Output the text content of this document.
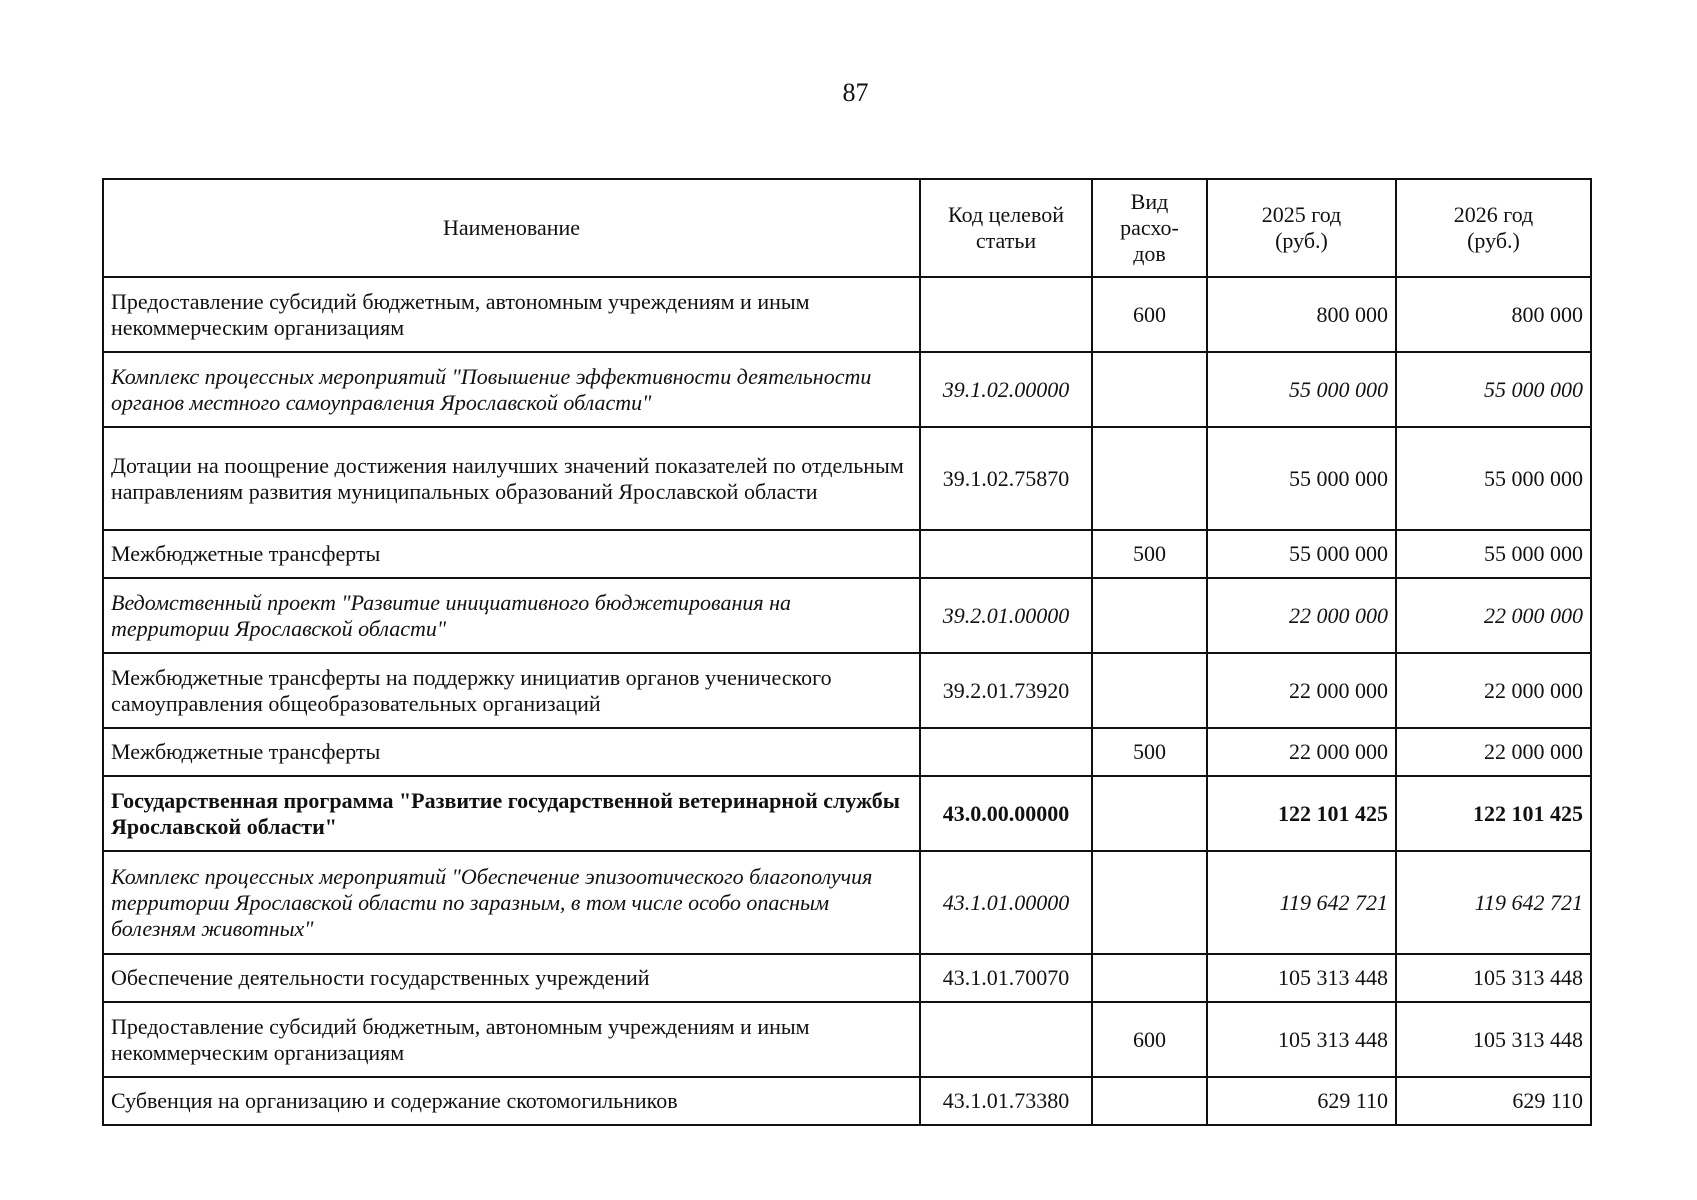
87
Наименование	Код целевой статьи	Вид расхо-дов	2025 год (руб.)	2026 год (руб.)
Предоставление субсидий бюджетным, автономным учреждениям и иным некоммерческим организациям		600	800 000	800 000
Комплекс процессных мероприятий "Повышение эффективности деятельности органов местного самоуправления Ярославской области"	39.1.02.00000		55 000 000	55 000 000
Дотации на поощрение достижения наилучших значений показателей по отдельным направлениям развития муниципальных образований Ярославской области	39.1.02.75870		55 000 000	55 000 000
Межбюджетные трансферты		500	55 000 000	55 000 000
Ведомственный проект "Развитие инициативного бюджетирования на территории Ярославской области"	39.2.01.00000		22 000 000	22 000 000
Межбюджетные трансферты на поддержку инициатив органов ученического самоуправления общеобразовательных организаций	39.2.01.73920		22 000 000	22 000 000
Межбюджетные трансферты		500	22 000 000	22 000 000
Государственная программа "Развитие государственной ветеринарной службы Ярославской области"	43.0.00.00000		122 101 425	122 101 425
Комплекс процессных мероприятий "Обеспечение эпизоотического благополучия территории Ярославской области по заразным, в том числе особо опасным болезням животных"	43.1.01.00000		119 642 721	119 642 721
Обеспечение деятельности государственных учреждений	43.1.01.70070		105 313 448	105 313 448
Предоставление субсидий бюджетным, автономным учреждениям и иным некоммерческим организациям		600	105 313 448	105 313 448
Субвенция на организацию и содержание скотомогильников	43.1.01.73380		629 110	629 110
